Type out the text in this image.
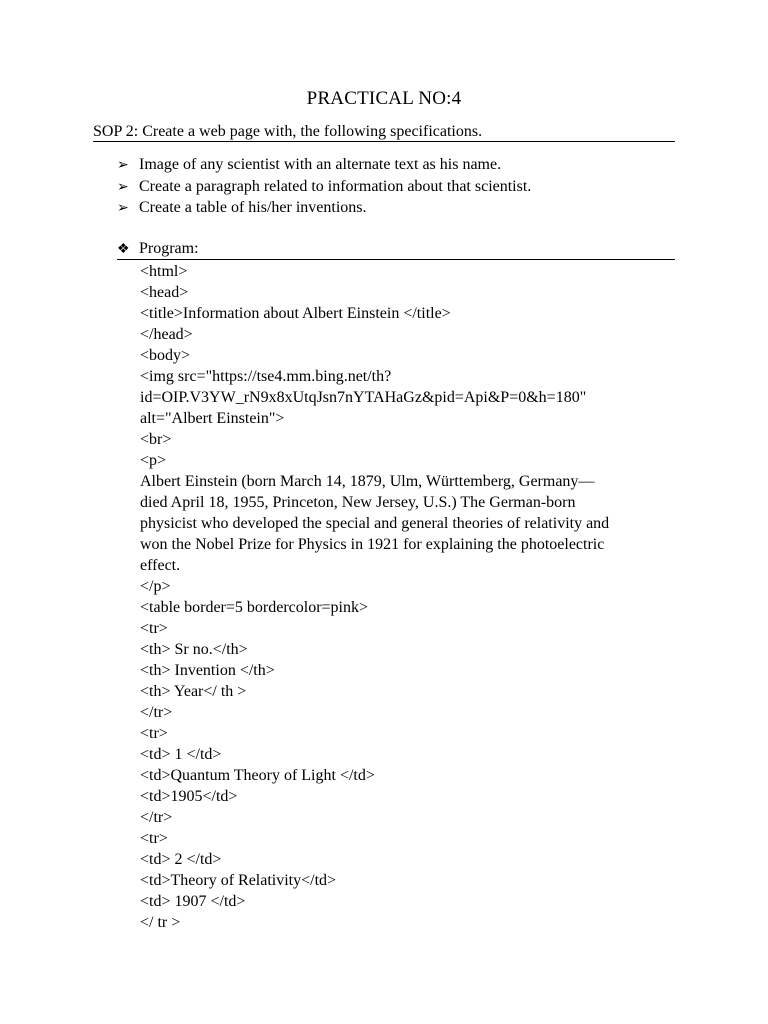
PRACTICAL NO:4
SOP 2: Create a web page with, the following specifications.
➢ Image of any scientist with an alternate text as his name.
➢ Create a paragraph related to information about that scientist.
➢ Create a table of his/her inventions.
❖ Program:
<html>
<head>
<title>Information about Albert Einstein </title>
</head>
<body>
<img src="https://tse4.mm.bing.net/th?
id=OIP.V3YW_rN9x8xUtqJsn7nYTAHaGz&pid=Api&P=0&h=180"
alt="Albert Einstein">
<br>
<p>
Albert Einstein (born March 14, 1879, Ulm, Württemberg, Germany—
died April 18, 1955, Princeton, New Jersey, U.S.) The German-born
physicist who developed the special and general theories of relativity and
won the Nobel Prize for Physics in 1921 for explaining the photoelectric
effect.
</p>
<table border=5 bordercolor=pink>
<tr>
<th> Sr no.</th>
<th> Invention </th>
<th> Year</ th >
</tr>
<tr>
<td> 1 </td>
<td>Quantum Theory of Light </td>
<td>1905</td>
</tr>
<tr>
<td> 2 </td>
<td>Theory of Relativity</td>
<td> 1907 </td>
</ tr >
